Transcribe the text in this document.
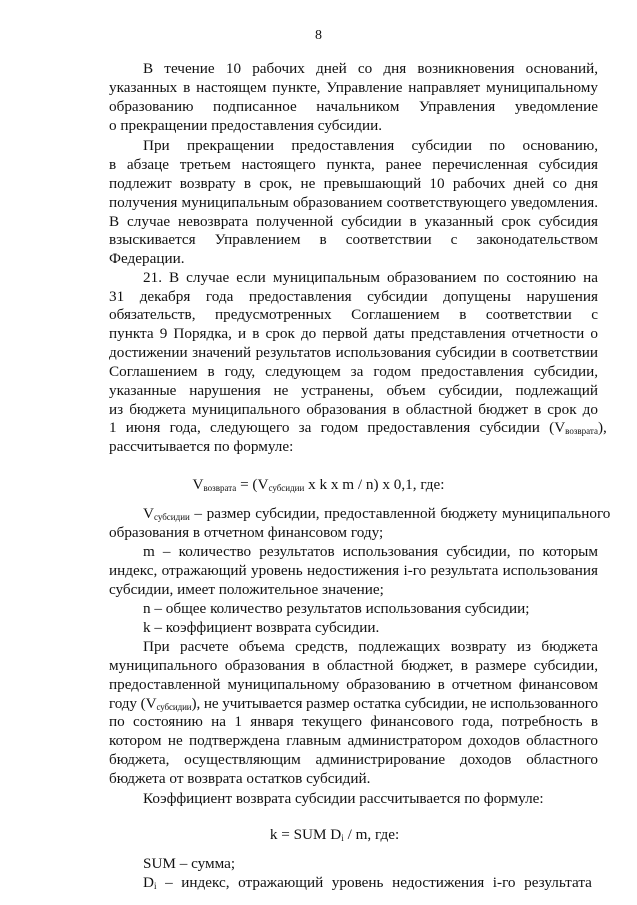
8
В течение 10 рабочих дней со дня возникновения оснований,
указанных в настоящем пункте, Управление направляет муниципальному
образованию подписанное начальником Управления уведомление
о прекращении предоставления субсидии.
При прекращении предоставления субсидии по основанию,
в абзаце третьем настоящего пункта, ранее перечисленная субсидия
подлежит возврату в срок, не превышающий 10 рабочих дней со дня
получения муниципальным образованием соответствующего уведомления.
В случае невозврата полученной субсидии в указанный срок субсидия
взыскивается Управлением в соответствии с законодательством
Федерации.
21. В случае если муниципальным образованием по состоянию на
31 декабря года предоставления субсидии допущены нарушения
обязательств, предусмотренных Соглашением в соответствии с
пункта 9 Порядка, и в срок до первой даты представления отчетности о
достижении значений результатов использования субсидии в соответствии
Соглашением в году, следующем за годом предоставления субсидии,
указанные нарушения не устранены, объем субсидии, подлежащий
из бюджета муниципального образования в областной бюджет в срок до
1 июня года, следующего за годом предоставления субсидии $(V_{возврата})$,
рассчитывается по формуле:
$V_{возврата} = (V_{субсидии}$ x k x m / n) x 0,1, где:
$V_{субсидии}$ – размер субсидии, предоставленной бюджету муниципального
образования в отчетном финансовом году;
m – количество результатов использования субсидии, по которым
индекс, отражающий уровень недостижения i-го результата использования
субсидии, имеет положительное значение;
n – общее количество результатов использования субсидии;
k – коэффициент возврата субсидии.
При расчете объема средств, подлежащих возврату из бюджета
муниципального образования в областной бюджет, в размере субсидии,
предоставленной муниципальному образованию в отчетном финансовом
году $(V_{субсидии})$, не учитывается размер остатка субсидии, не использованного
по состоянию на 1 января текущего финансового года, потребность в
котором не подтверждена главным администратором доходов областного
бюджета, осуществляющим администрирование доходов областного
бюджета от возврата остатков субсидий.
Коэффициент возврата субсидии рассчитывается по формуле:
k = SUM $D_i$ / m, где:
SUM – сумма;
$D_i$ – индекс, отражающий уровень недостижения i-го результата
